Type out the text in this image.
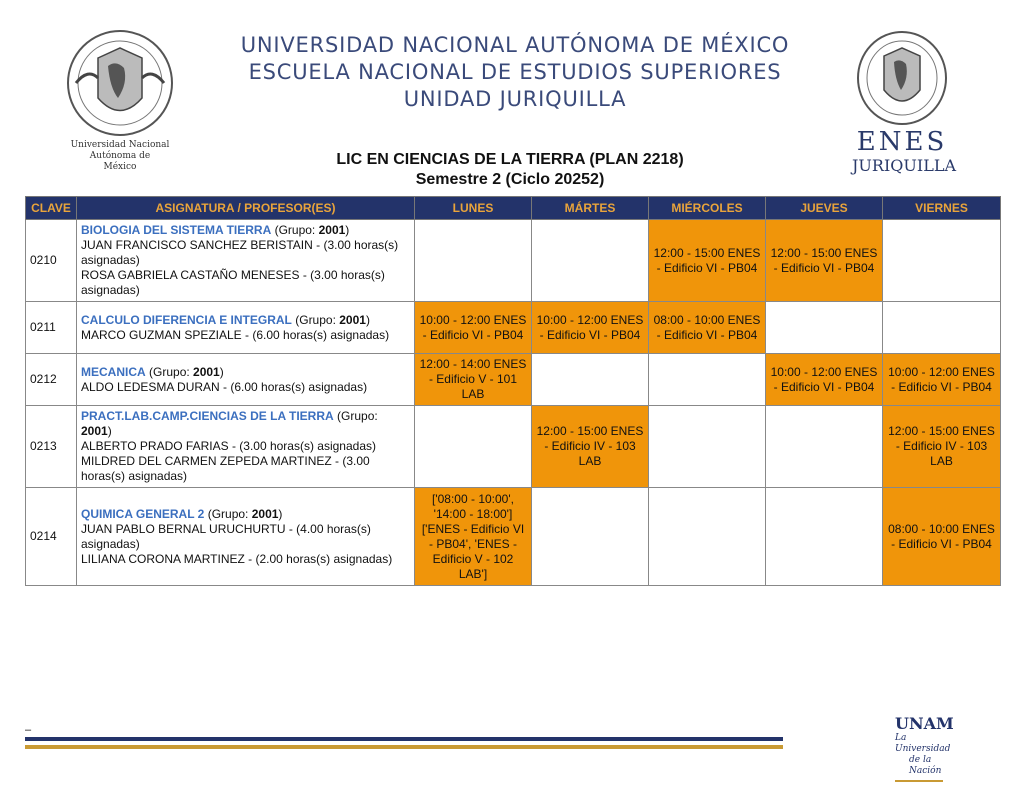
Universidad Nacional
Autónoma de
México
UNIVERSIDAD NACIONAL AUTÓNOMA DE MÉXICO
ESCUELA NACIONAL DE ESTUDIOS SUPERIORES
UNIDAD JURIQUILLA
ENES
JURIQUILLA
LIC EN CIENCIAS DE LA TIERRA (PLAN 2218)
Semestre 2 (Ciclo 20252)
CLAVE	ASIGNATURA / PROFESOR(ES)	LUNES	MÁRTES	MIÉRCOLES	JUEVES	VIERNES
0210	BIOLOGIA DEL SISTEMA TIERRA (Grupo: 2001)
JUAN FRANCISCO SANCHEZ BERISTAIN - (3.00 horas(s) asignadas)
ROSA GABRIELA CASTAÑO MENESES - (3.00 horas(s) asignadas)			12:00 - 15:00 ENES - Edificio VI - PB04	12:00 - 15:00 ENES - Edificio VI - PB04	
0211	CALCULO DIFERENCIA E INTEGRAL (Grupo: 2001)
MARCO GUZMAN SPEZIALE - (6.00 horas(s) asignadas)	10:00 - 12:00 ENES - Edificio VI - PB04	10:00 - 12:00 ENES - Edificio VI - PB04	08:00 - 10:00 ENES - Edificio VI - PB04		
0212	MECANICA (Grupo: 2001)
ALDO LEDESMA DURAN - (6.00 horas(s) asignadas)	12:00 - 14:00 ENES - Edificio V - 101 LAB			10:00 - 12:00 ENES - Edificio VI - PB04	10:00 - 12:00 ENES - Edificio VI - PB04
0213	PRACT.LAB.CAMP.CIENCIAS DE LA TIERRA (Grupo: 2001)
ALBERTO PRADO FARIAS - (3.00 horas(s) asignadas)
MILDRED DEL CARMEN ZEPEDA MARTINEZ - (3.00 horas(s) asignadas)		12:00 - 15:00 ENES - Edificio IV - 103 LAB			12:00 - 15:00 ENES - Edificio IV - 103 LAB
0214	QUIMICA GENERAL 2 (Grupo: 2001)
JUAN PABLO BERNAL URUCHURTU - (4.00 horas(s) asignadas)
LILIANA CORONA MARTINEZ - (2.00 horas(s) asignadas)	['08:00 - 10:00', '14:00 - 18:00'] ['ENES - Edificio VI - PB04', 'ENES - Edificio V - 102 LAB']				08:00 - 10:00 ENES - Edificio VI - PB04
–	UNAM
La Universidad
de la Nación
